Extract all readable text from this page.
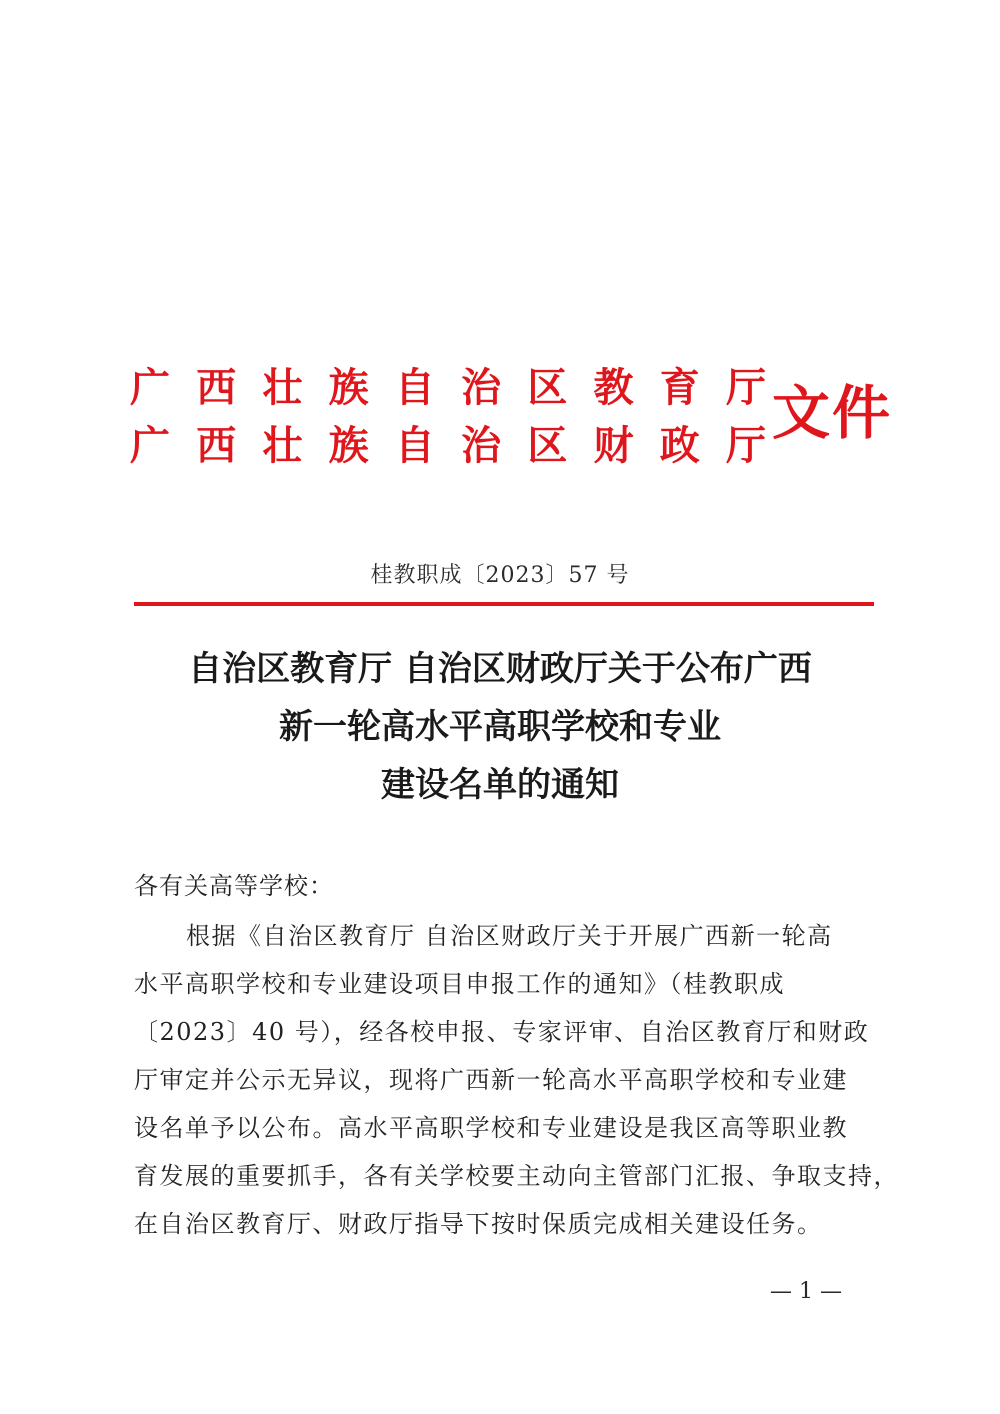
广 西 壮 族 自 治 区 教 育 厅
广 西 壮 族 自 治 区 财 政 厅 文件
桂教职成〔2023〕57 号
自治区教育厅 自治区财政厅关于公布广西
新一轮高水平高职学校和专业
建设名单的通知
各有关高等学校：

根据《自治区教育厅 自治区财政厅关于开展广西新一轮高
水平高职学校和专业建设项目申报工作的通知》（桂教职成
〔2023〕40 号），经各校申报、专家评审、自治区教育厅和财政
厅审定并公示无异议，现将广西新一轮高水平高职学校和专业建
设名单予以公布。高水平高职学校和专业建设是我区高等职业教
育发展的重要抓手，各有关学校要主动向主管部门汇报、争取支持，
在自治区教育厅、财政厅指导下按时保质完成相关建设任务。

— 1 —
